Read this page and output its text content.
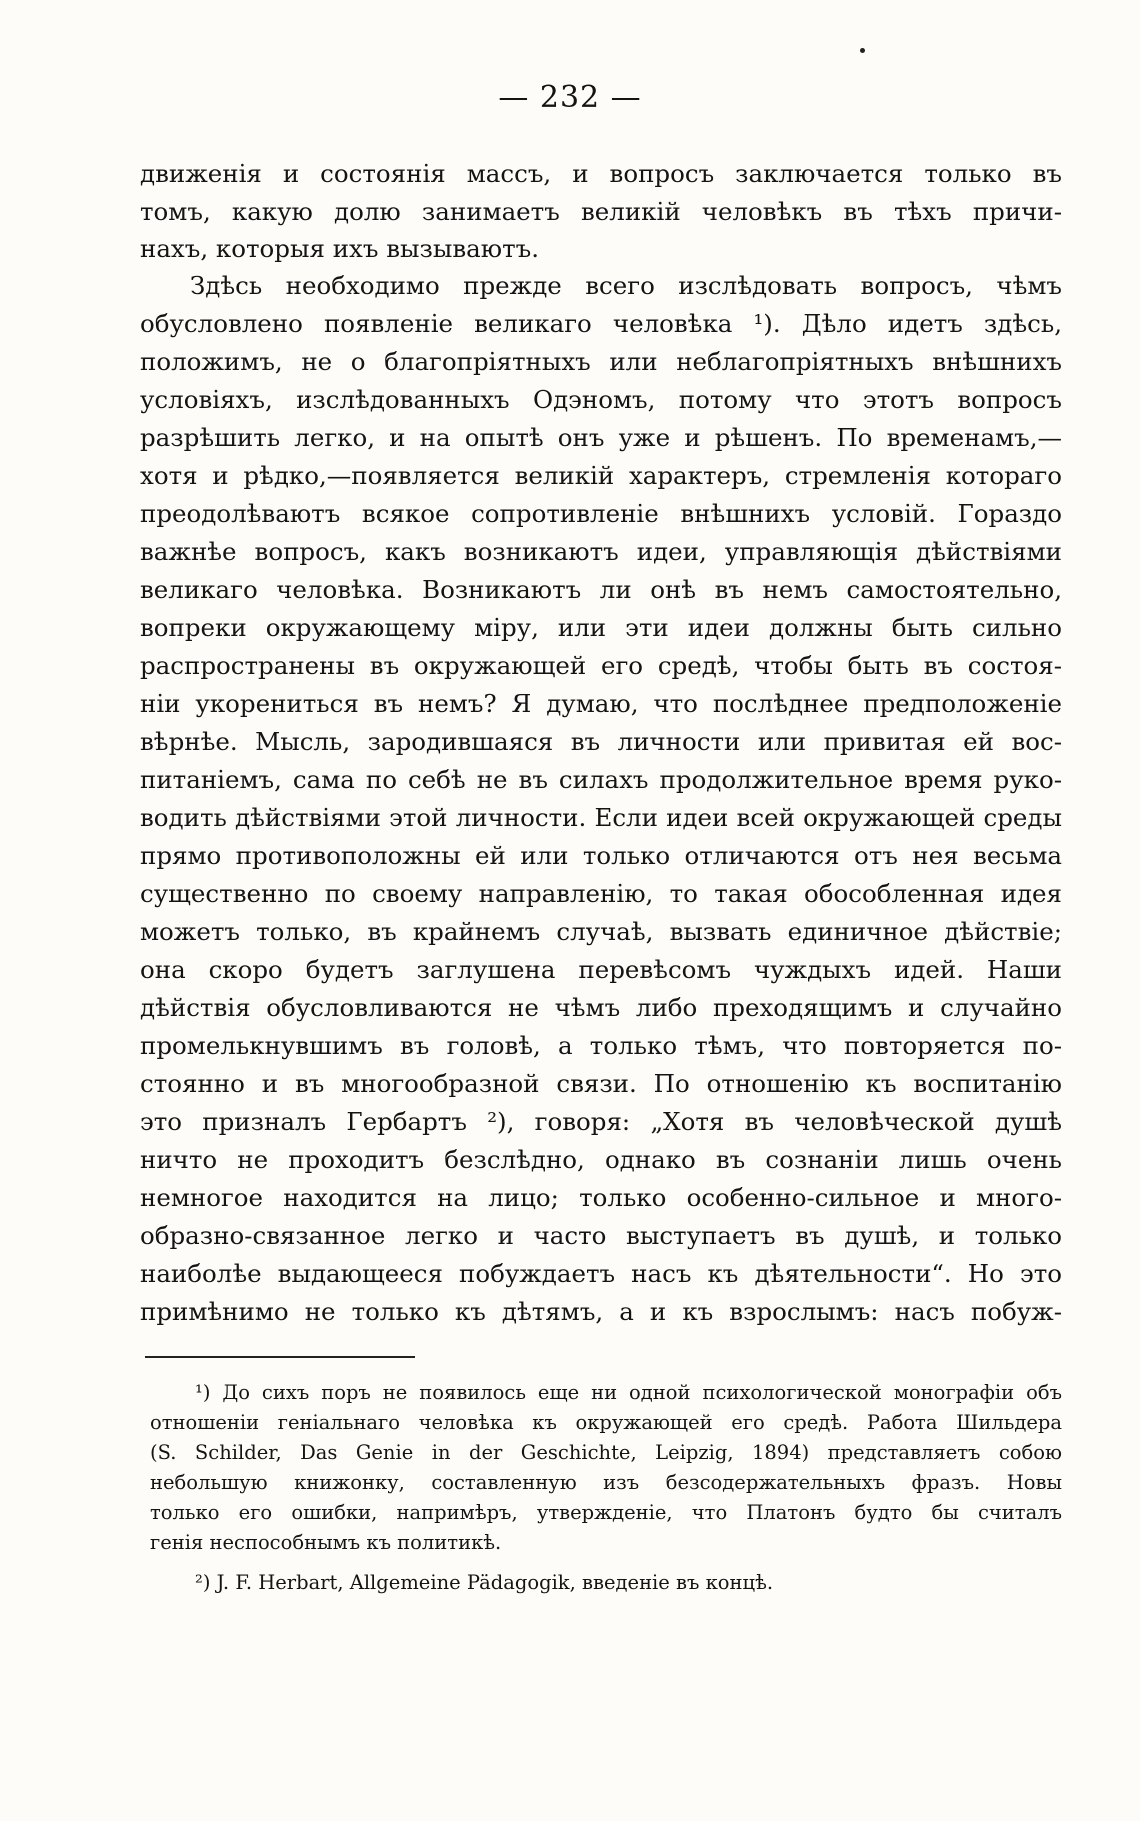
— 232 —
движенія и состоянія массъ, и вопросъ заключается только въ
томъ, какую долю занимаетъ великій человѣкъ въ тѣхъ причи-
нахъ, которыя ихъ вызываютъ.
Здѣсь необходимо прежде всего изслѣдовать вопросъ, чѣмъ
обусловлено появленіе великаго человѣка ¹). Дѣло идетъ здѣсь,
положимъ, не о благопріятныхъ или неблагопріятныхъ внѣшнихъ
условіяхъ, изслѣдованныхъ Одэномъ, потому что этотъ вопросъ
разрѣшить легко, и на опытѣ онъ уже и рѣшенъ. По временамъ,—
хотя и рѣдко,—появляется великій характеръ, стремленія котораго
преодолѣваютъ всякое сопротивленіе внѣшнихъ условій. Гораздо
важнѣе вопросъ, какъ возникаютъ идеи, управляющія дѣйствіями
великаго человѣка. Возникаютъ ли онѣ въ немъ самостоятельно,
вопреки окружающему міру, или эти идеи должны быть сильно
распространены въ окружающей его средѣ, чтобы быть въ состоя-
ніи укорениться въ немъ? Я думаю, что послѣднее предположеніе
вѣрнѣе. Мысль, зародившаяся въ личности или привитая ей вос-
питаніемъ, сама по себѣ не въ силахъ продолжительное время руко-
водить дѣйствіями этой личности. Если идеи всей окружающей среды
прямо противоположны ей или только отличаются отъ нея весьма
существенно по своему направленію, то такая обособленная идея
можетъ только, въ крайнемъ случаѣ, вызвать единичное дѣйствіе;
она скоро будетъ заглушена перевѣсомъ чуждыхъ идей. Наши
дѣйствія обусловливаются не чѣмъ либо преходящимъ и случайно
промелькнувшимъ въ головѣ, а только тѣмъ, что повторяется по-
стоянно и въ многообразной связи. По отношенію къ воспитанію
это призналъ Гербартъ ²), говоря: „Хотя въ человѣческой душѣ
ничто не проходитъ безслѣдно, однако въ сознаніи лишь очень
немногое находится на лицо; только особенно-сильное и много-
образно-связанное легко и часто выступаетъ въ душѣ, и только
наиболѣе выдающееся побуждаетъ насъ къ дѣятельности“. Но это
примѣнимо не только къ дѣтямъ, а и къ взрослымъ: насъ побуж-
¹) До сихъ поръ не появилось еще ни одной психологической монографіи объ
отношеніи геніальнаго человѣка къ окружающей его средѣ. Работа Шильдера
(S. Schilder, Das Genie in der Geschichte, Leipzig, 1894) представляетъ собою
небольшую книжонку, составленную изъ безсодержательныхъ фразъ. Новы
только его ошибки, напримѣръ, утвержденіе, что Платонъ будто бы считалъ
генія неспособнымъ къ политикѣ.
²) J. F. Herbart, Allgemeine Pädagogik, введеніе въ концѣ.
